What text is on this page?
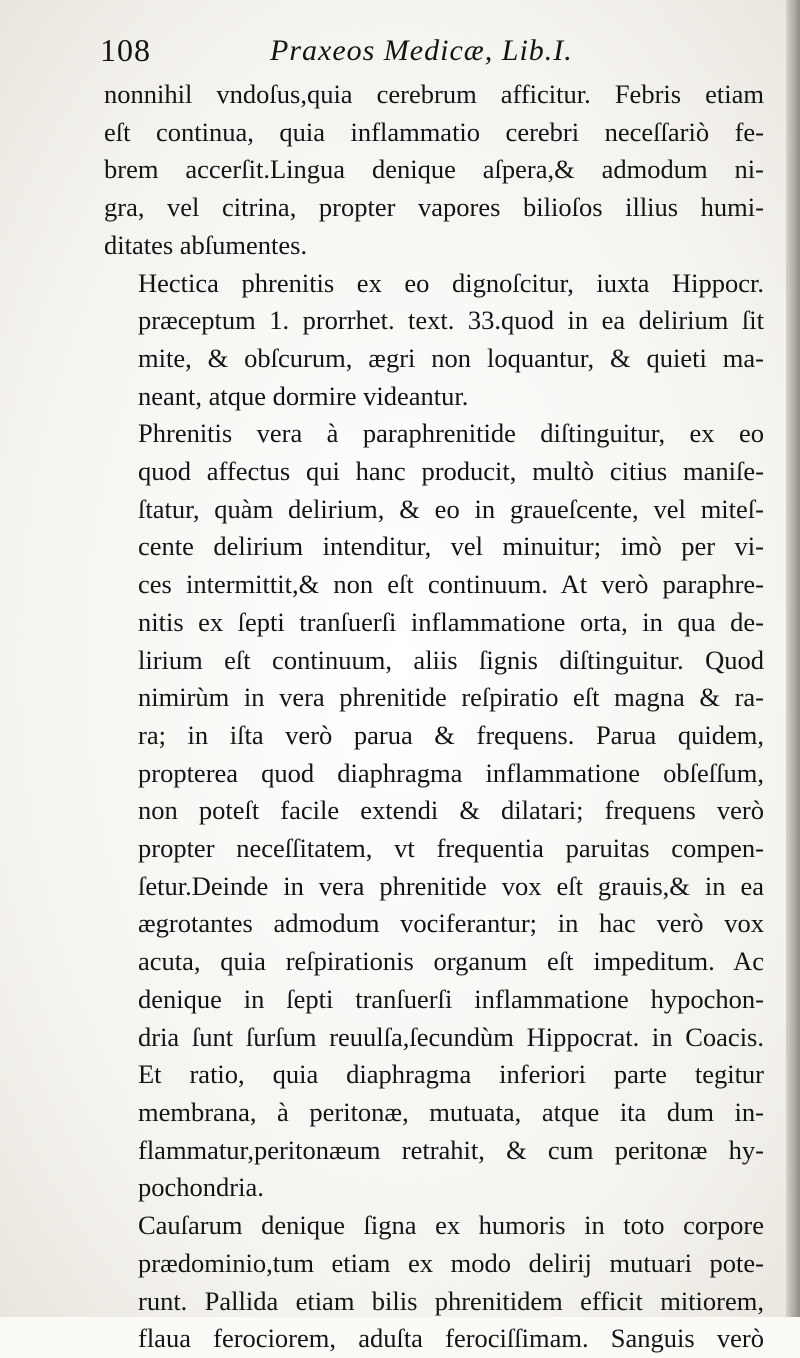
108	Praxeos Medicæ, Lib.I.
nonnihil vndoſus,quia cerebrum afficitur. Febris etiam
eſt continua, quia inflammatio cerebri neceſſariò fe-
brem accerſit.Lingua denique aſpera,& admodum ni-
gra, vel citrina, propter vapores bilioſos illius humi-
ditates abſumentes.
Hectica phrenitis ex eo dignoſcitur, iuxta Hippocr.
præceptum 1. prorrhet. text. 33.quod in ea delirium ſit
mite, & obſcurum, ægri non loquantur, & quieti ma-
neant, atque dormire videantur.
Phrenitis vera à paraphrenitide diſtinguitur, ex eo
quod affectus qui hanc producit, multò citius maniſe-
ſtatur, quàm delirium, & eo in graueſcente, vel miteſ-
cente delirium intenditur, vel minuitur; imò per vi-
ces intermittit,& non eſt continuum. At verò paraphre-
nitis ex ſepti tranſuerſi inflammatione orta, in qua de-
lirium eſt continuum, aliis ſignis diſtinguitur. Quod
nimirùm in vera phrenitide reſpiratio eſt magna & ra-
ra; in iſta verò parua & frequens. Parua quidem,
propterea quod diaphragma inflammatione obſeſſum,
non poteſt facile extendi & dilatari; frequens verò
propter neceſſitatem, vt frequentia paruitas compen-
ſetur.Deinde in vera phrenitide vox eſt grauis,& in ea
ægrotantes admodum vociferantur; in hac verò vox
acuta, quia reſpirationis organum eſt impeditum. Ac
denique in ſepti tranſuerſi inflammatione hypochon-
dria ſunt ſurſum reuulſa,ſecundùm Hippocrat. in Coacis.
Et ratio, quia diaphragma inferiori parte tegitur
membrana, à peritonæ, mutuata, atque ita dum in-
flammatur,peritonæum retrahit, & cum peritonæ hy-
pochondria.
Cauſarum denique ſigna ex humoris in toto corpore
prædominio,tum etiam ex modo delirij mutuari pote-
runt. Pallida etiam bilis phrenitidem efficit mitiorem,
flaua ferociorem, aduſta ferociſſimam. Sanguis verò
